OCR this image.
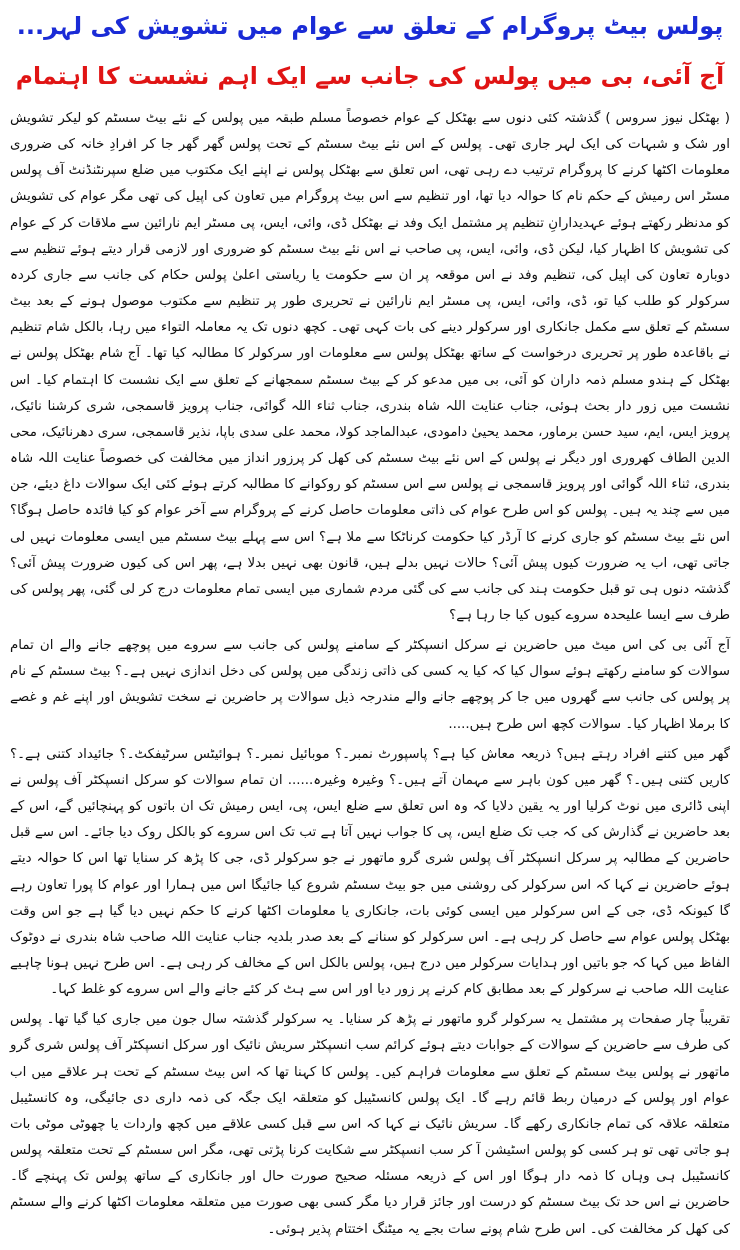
پولس بیٹ پروگرام کے تعلق سے عوام میں تشویش کی لہر...
آج آئی، بی میں پولس کی جانب سے ایک اہم نشست کا اہتمام

( بھٹکل نیوز سروس ) گذشتہ کئی دنوں سے بھٹکل کے عوام خصوصاً مسلم طبقہ میں پولس کے نئے بیٹ سسٹم کو لیکر تشویش اور شک و شبہات کی ایک لہر جاری تھی۔ پولس کے اس نئے بیٹ سسٹم کے تحت پولس گھر گھر جا کر افرادِ خانہ کی ضروری معلومات اکٹھا کرنے کا پروگرام ترتیب دے رہی تھی، اس تعلق سے بھٹکل پولس نے اپنے ایک مکتوب میں ضلع سپرنٹنڈنٹ آف پولس مسٹر اس رمیش کے حکم نام کا حوالہ دیا تھا، اور تنظیم سے اس بیٹ پروگرام میں تعاون کی اپیل کی تھی مگر عوام کی تشویش کو مدنظر رکھتے ہوئے عہدیدارانِ تنظیم پر مشتمل ایک وفد نے بھٹکل ڈی، وائی، ایس، پی مسٹر ایم نارائین سے ملاقات کر کے عوام کی تشویش کا اظہار کیا، لیکن ڈی، وائی، ایس، پی صاحب نے اس نئے بیٹ سسٹم کو ضروری اور لازمی قرار دیتے ہوئے تنظیم سے دوبارہ تعاون کی اپیل کی، تنظیم وفد نے اس موقعہ پر ان سے حکومت یا ریاستی اعلیٰ پولس حکام کی جانب سے جاری کردہ سرکولر کو طلب کیا تو، ڈی، وائی، ایس، پی مسٹر ایم نارائین نے تحریری طور پر تنظیم سے مکتوب موصول ہونے کے بعد بیٹ سسٹم کے تعلق سے مکمل جانکاری اور سرکولر دینے کی بات کہی تھی۔ کچھ دنوں تک یہ معاملہ التواء میں رہا، بالکل شام تنظیم نے باقاعدہ طور پر تحریری درخواست کے ساتھ بھٹکل پولس سے معلومات اور سرکولر کا مطالبہ کیا تھا۔ آج شام بھٹکل پولس نے بھٹکل کے ہندو مسلم ذمہ داران کو آئی، بی میں مدعو کر کے بیٹ سسٹم سمجھانے کے تعلق سے ایک نشست کا اہتمام کیا۔ اس نشست میں زور دار بحث ہوئی، جناب عنایت اللہ شاہ بندری، جناب ثناء اللہ گوائی، جناب پرویز قاسمجی، شری کرشنا نائیک، پرویز ایس، ایم، سید حسن برماور، محمد یحییٰ دامودی، عبدالماجد کولا، محمد علی سدی باپا، نذیر قاسمجی، سری دھرنائیک، محی الدین الطاف کھروری اور دیگر نے پولس کے اس نئے بیٹ سسٹم کی کھل کر پرزور انداز میں مخالفت کی خصوصاً عنایت اللہ شاہ بندری، ثناء اللہ گوائی اور پرویز قاسمجی نے پولس سے اس سسٹم کو روکوانے کا مطالبہ کرتے ہوئے کئی ایک سوالات داغ دیئے، جن میں سے چند یہ ہیں۔ پولس کو اس طرح عوام کی ذاتی معلومات حاصل کرنے کے پروگرام سے آخر عوام کو کیا فائدہ حاصل ہوگا؟ اس نئے بیٹ سسٹم کو جاری کرنے کا آرڈر کیا حکومت کرناٹکا سے ملا ہے؟ اس سے پہلے بیٹ سسٹم میں ایسی معلومات نہیں لی جاتی تھی، اب یہ ضرورت کیوں پیش آئی؟ حالات نہیں بدلے ہیں، قانون بھی نہیں بدلا ہے، پھر اس کی کیوں ضرورت پیش آئی؟ گذشتہ دنوں ہی تو قبل حکومت ہند کی جانب سے کی گئی مردم شماری میں ایسی تمام معلومات درج کر لی گئی، پھر پولس کی طرف سے ایسا علیحدہ سروے کیوں کیا جا رہا ہے؟

آج آئی بی کی اس میٹ میں حاضرین نے سرکل انسپکٹر کے سامنے پولس کی جانب سے سروے میں پوچھے جانے والے ان تمام سوالات کو سامنے رکھتے ہوئے سوال کیا کہ کیا یہ کسی کی ذاتی زندگی میں پولس کی دخل اندازی نہیں ہے۔؟ بیٹ سسٹم کے نام پر پولس کی جانب سے گھروں میں جا کر پوچھے جانے والے مندرجہ ذیل سوالات پر حاضرین نے سخت تشویش اور اپنے غم و غصے کا برملا اظہار کیا۔ سوالات کچھ اس طرح ہیں.....

گھر میں کتنے افراد رہتے ہیں؟ ذریعہ معاش کیا ہے؟ پاسپورٹ نمبر۔؟ موبائیل نمبر۔؟ ہوائیٹس سرٹیفکٹ۔؟ جائیداد کتنی ہے۔؟ کاریں کتنی ہیں۔؟ گھر میں کون باہر سے مہمان آتے ہیں۔؟ وغیرہ وغیرہ...... ان تمام سوالات کو سرکل انسپکٹر آف پولس نے اپنی ڈائری میں نوٹ کرلیا اور یہ یقین دلایا کہ وہ اس تعلق سے ضلع ایس، پی، ایس رمیش تک ان باتوں کو پہنچائیں گے، اس کے بعد حاضرین نے گذارش کی کہ جب تک ضلع ایس، پی کا جواب نہیں آتا ہے تب تک اس سروے کو بالکل روک دیا جائے۔ اس سے قبل حاضرین کے مطالبہ پر سرکل انسپکٹر آف پولس شری گرو ماتھور نے جو سرکولر ڈی، جی کا پڑھ کر سنایا تھا اس کا حوالہ دیتے ہوئے حاضرین نے کہا کہ اس سرکولر کی روشنی میں جو بیٹ سسٹم شروع کیا جائیگا اس میں ہمارا اور عوام کا پورا تعاون رہے گا کیونکہ ڈی، جی کے اس سرکولر میں ایسی کوئی بات، جانکاری یا معلومات اکٹھا کرنے کا حکم نہیں دیا گیا ہے جو اس وقت بھٹکل پولس عوام سے حاصل کر رہی ہے۔ اس سرکولر کو سنانے کے بعد صدر بلدیہ جناب عنایت اللہ صاحب شاہ بندری نے دوٹوک الفاظ میں کہا کہ جو باتیں اور ہدایات سرکولر میں درج ہیں، پولس بالکل اس کے مخالف کر رہی ہے۔ اس طرح نہیں ہونا چاہیے عنایت اللہ صاحب نے سرکولر کے بعد مطابق کام کرنے پر زور دیا اور اس سے ہٹ کر کئے جانے والے اس سروے کو غلط کہا۔

تقریباً چار صفحات پر مشتمل یہ سرکولر گرو ماتھور نے پڑھ کر سنایا۔ یہ سرکولر گذشتہ سال جون میں جاری کیا گیا تھا۔ پولس کی طرف سے حاضرین کے سوالات کے جوابات دیتے ہوئے کرائم سب انسپکٹر سریش نائیک اور سرکل انسپکٹر آف پولس شری گرو ماتھور نے پولس بیٹ سسٹم کے تعلق سے معلومات فراہم کیں۔ پولس کا کہنا تھا کہ اس بیٹ سسٹم کے تحت ہر علاقے میں اب عوام اور پولس کے درمیان ربط قائم رہے گا۔ ایک پولس کانسٹیبل کو متعلقہ ایک جگہ کی ذمہ داری دی جائیگی، وہ کانسٹیبل متعلقہ علاقہ کی تمام جانکاری رکھے گا۔ سریش نائیک نے کہا کہ اس سے قبل کسی علاقے میں کچھ واردات یا چھوٹی موٹی بات ہو جاتی تھی تو ہر کسی کو پولس اسٹیشن آ کر سب انسپکٹر سے شکایت کرنا پڑتی تھی، مگر اس سسٹم کے تحت متعلقہ پولس کانسٹیبل ہی وہاں کا ذمہ دار ہوگا اور اس کے ذریعہ مسئلہ صحیح صورت حال اور جانکاری کے ساتھ پولس تک پہنچے گا۔ حاضرین نے اس حد تک بیٹ سسٹم کو درست اور جائز قرار دیا مگر کسی بھی صورت میں متعلقہ معلومات اکٹھا کرنے والے سسٹم کی کھل کر مخالفت کی۔ اس طرح شام پونے سات بجے یہ میٹنگ اختتام پذیر ہوئی۔
